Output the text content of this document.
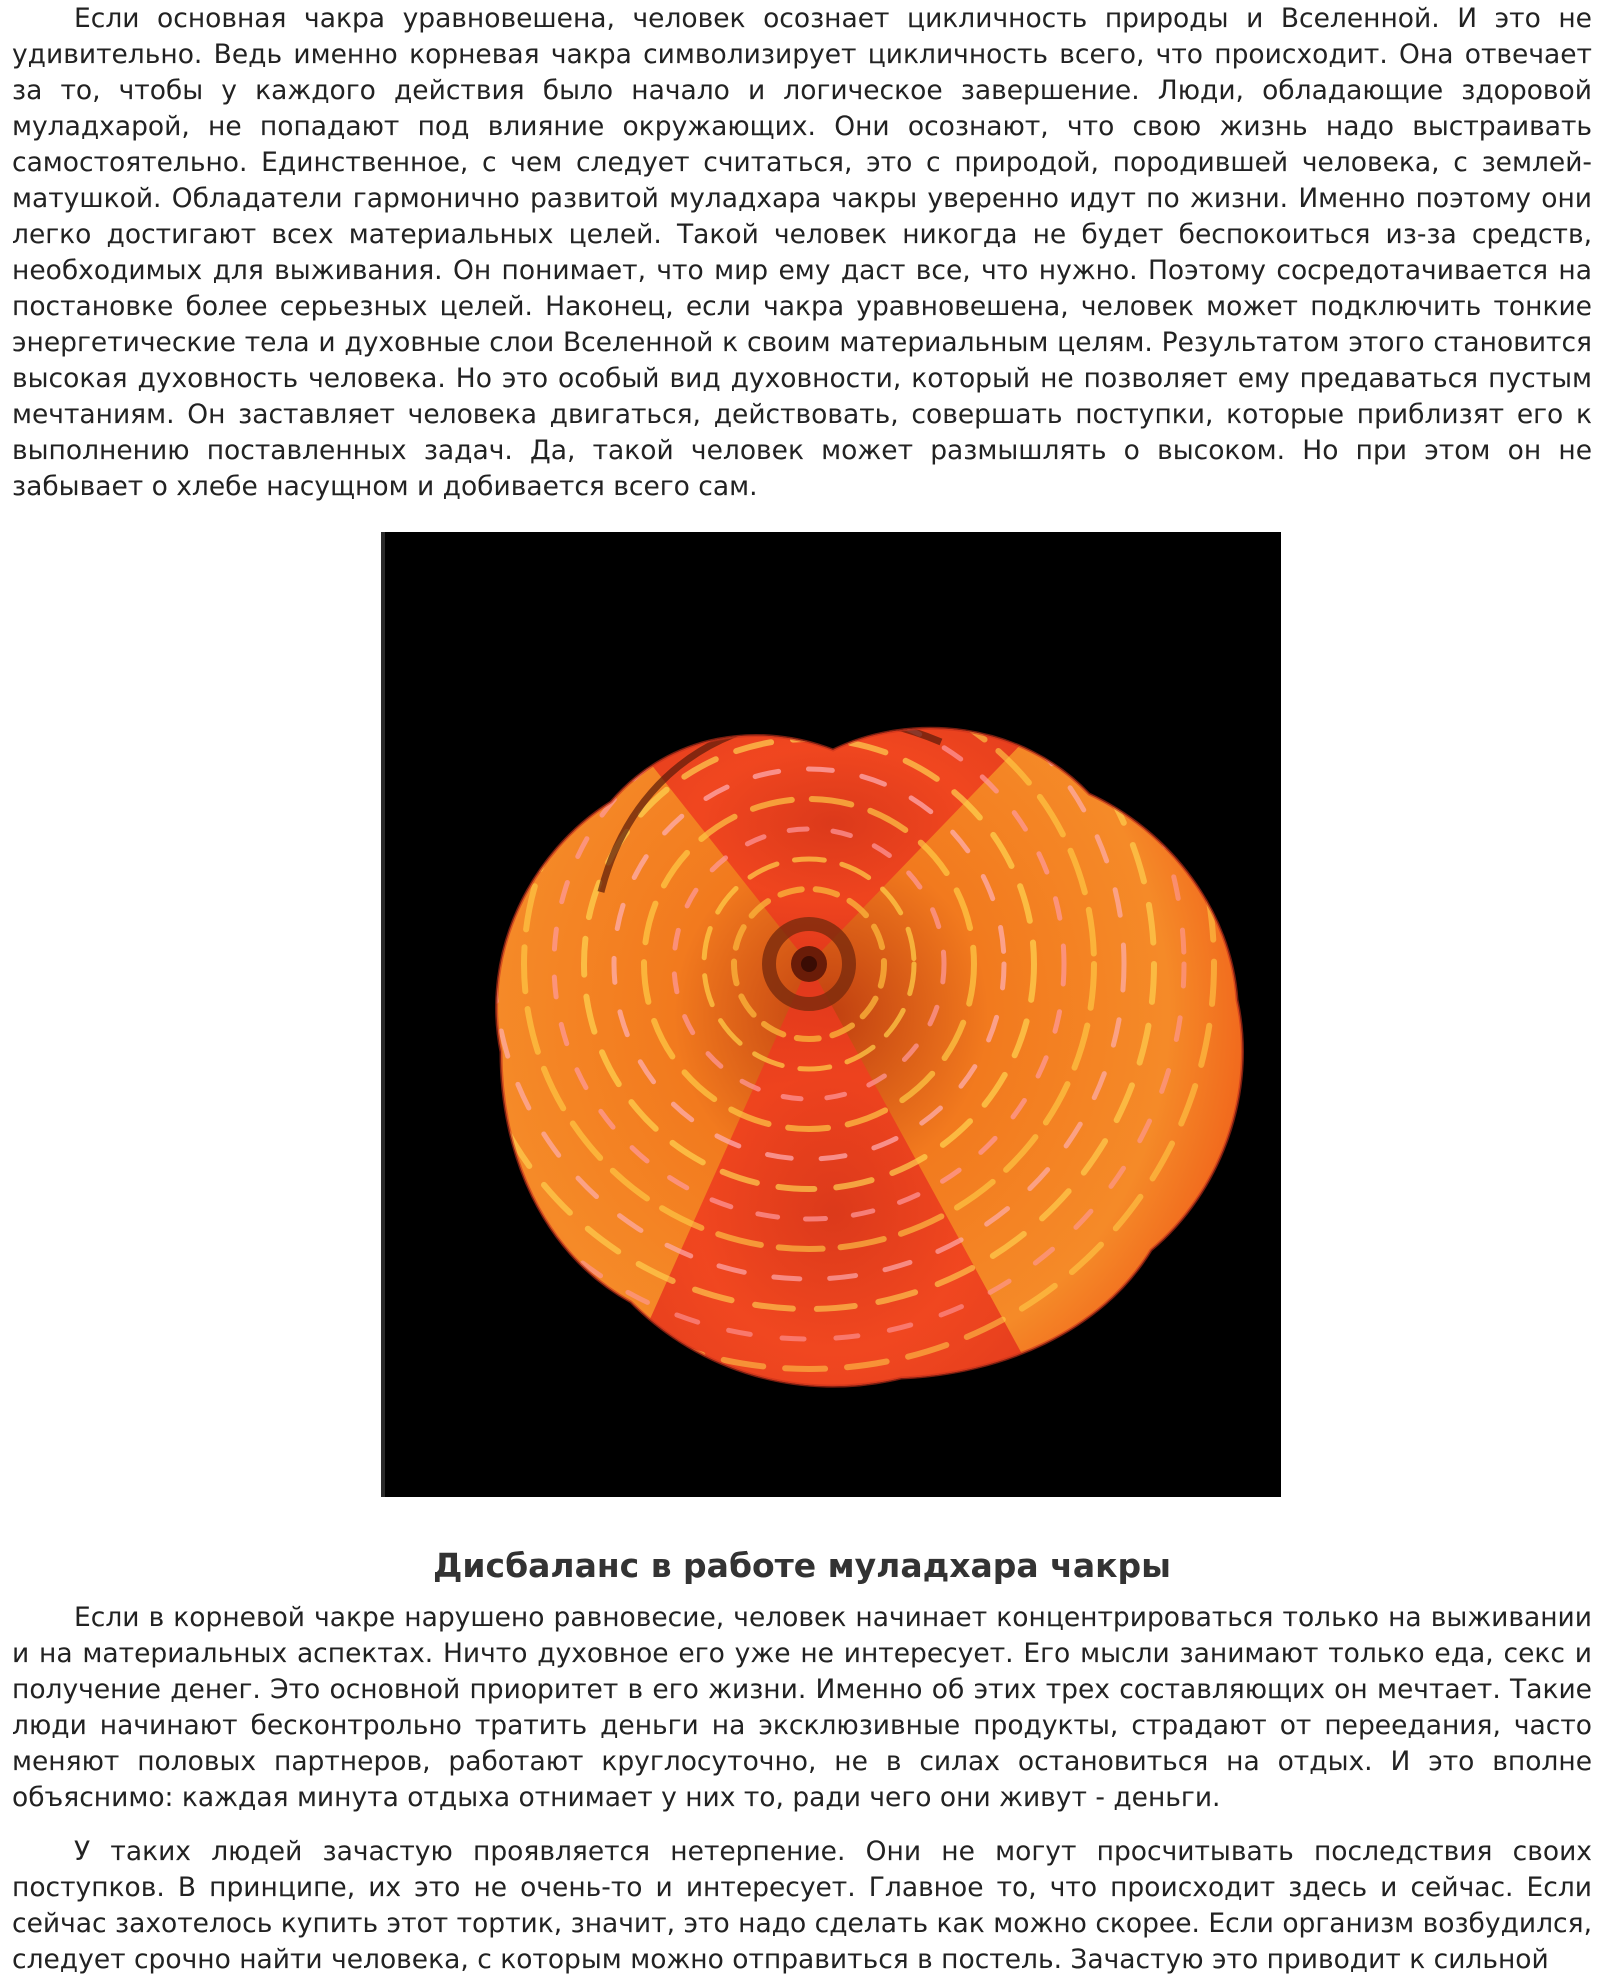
Если основная чакра уравновешена, человек осознает цикличность природы и Вселенной. И это не удивительно. Ведь именно корневая чакра символизирует цикличность всего, что происходит. Она отвечает за то, чтобы у каждого действия было начало и логическое завершение. Люди, обладающие здоровой муладхарой, не попадают под влияние окружающих. Они осознают, что свою жизнь надо выстраивать самостоятельно. Единственное, с чем следует считаться, это с природой, породившей человека, с землей-матушкой. Обладатели гармонично развитой муладхара чакры уверенно идут по жизни. Именно поэтому они легко достигают всех материальных целей. Такой человек никогда не будет беспокоиться из-за средств, необходимых для выживания. Он понимает, что мир ему даст все, что нужно. Поэтому сосредотачивается на постановке более серьезных целей. Наконец, если чакра уравновешена, человек может подключить тонкие энергетические тела и духовные слои Вселенной к своим материальным целям. Результатом этого становится высокая духовность человека. Но это особый вид духовности, который не позволяет ему предаваться пустым мечтаниям. Он заставляет человека двигаться, действовать, совершать поступки, которые приблизят его к выполнению поставленных задач. Да, такой человек может размышлять о высоком. Но при этом он не забывает о хлебе насущном и добивается всего сам.

Дисбаланс в работе муладхара чакры

Если в корневой чакре нарушено равновесие, человек начинает концентрироваться только на выживании и на материальных аспектах. Ничто духовное его уже не интересует. Его мысли занимают только еда, секс и получение денег. Это основной приоритет в его жизни. Именно об этих трех составляющих он мечтает. Такие люди начинают бесконтрольно тратить деньги на эксклюзивные продукты, страдают от переедания, часто меняют половых партнеров, работают круглосуточно, не в силах остановиться на отдых. И это вполне объяснимо: каждая минута отдыха отнимает у них то, ради чего они живут - деньги.

У таких людей зачастую проявляется нетерпение. Они не могут просчитывать последствия своих поступков. В принципе, их это не очень-то и интересует. Главное то, что происходит здесь и сейчас. Если сейчас захотелось купить этот тортик, значит, это надо сделать как можно скорее. Если организм возбудился, следует срочно найти человека, с которым можно отправиться в постель. Зачастую это приводит к сильной
